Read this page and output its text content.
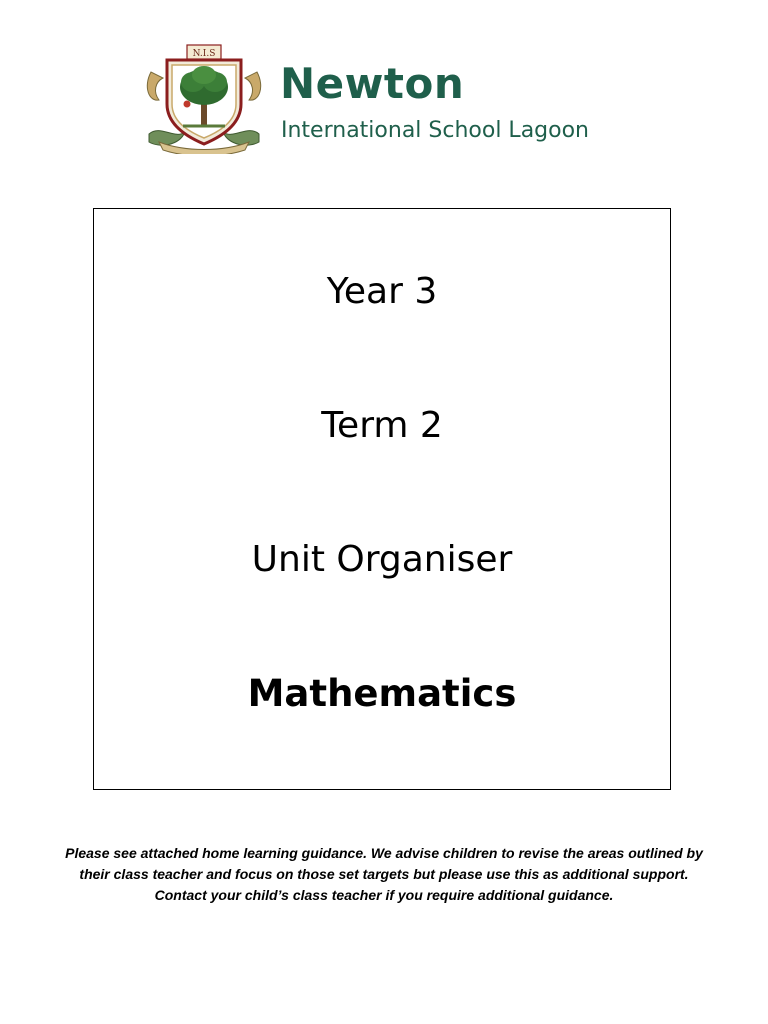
N.I.S
Newton
International School Lagoon
Year 3
Term 2
Unit Organiser
Mathematics
Please see attached home learning guidance. We advise children to revise the areas outlined by
their class teacher and focus on those set targets but please use this as additional support.
Contact your child’s class teacher if you require additional guidance.
